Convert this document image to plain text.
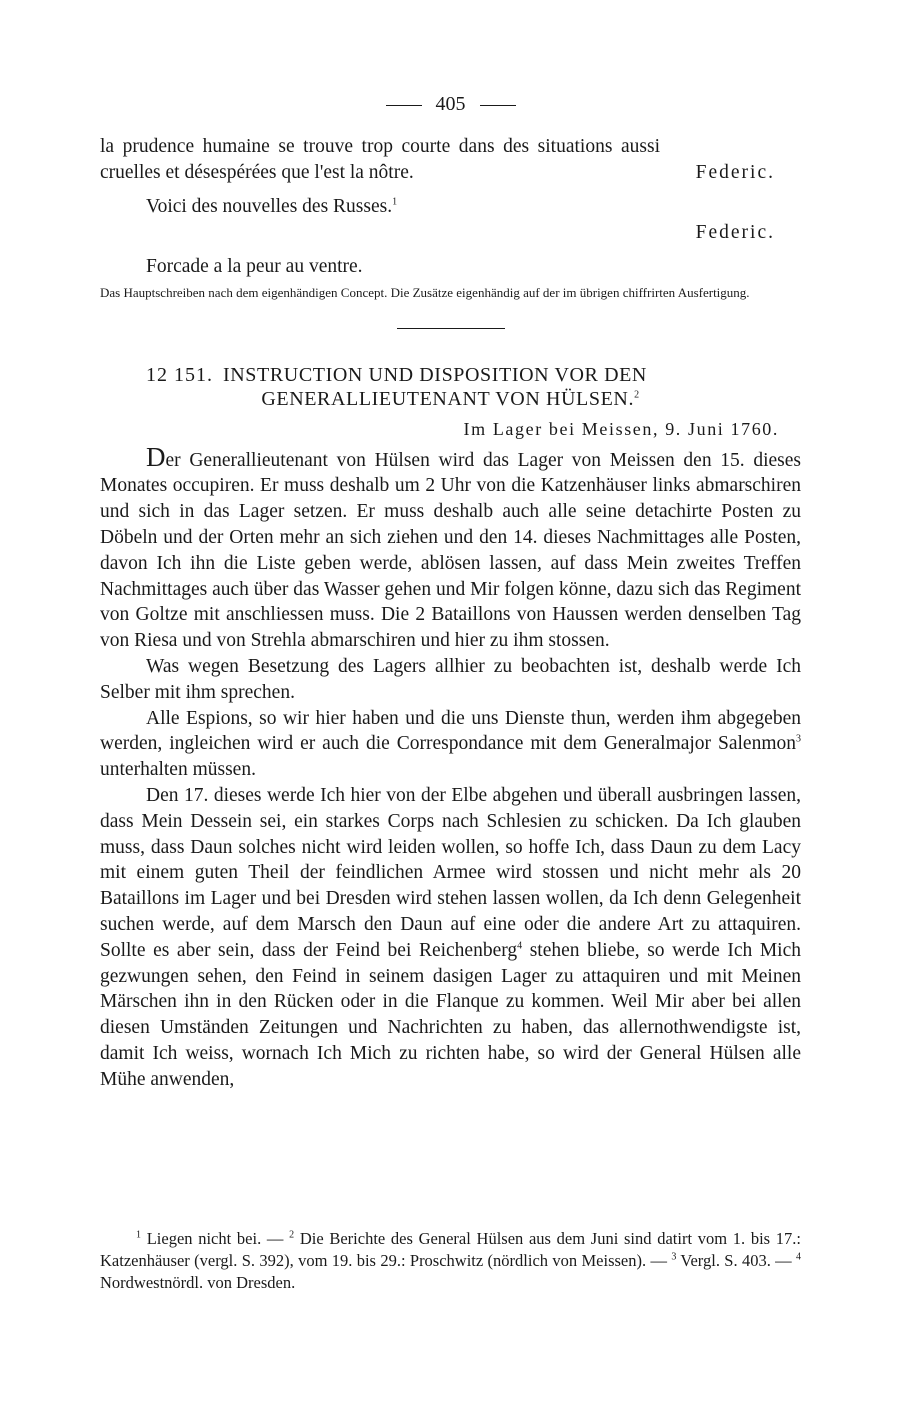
405

la prudence humaine se trouve trop courte dans des situations aussi cruelles et désespérées que l'est la nôtre.	Federic.

Voici des nouvelles des Russes.$^1$

Federic.

Forcade a la peur au ventre.

Das Hauptschreiben nach dem eigenhändigen Concept. Die Zusätze eigenhändig auf der im übrigen chiffrirten Ausfertigung.

12 151. INSTRUCTION UND DISPOSITION VOR DEN
GENERALLIEUTENANT VON HÜLSEN.$^2$
Im Lager bei Meissen, 9. Juni 1760.

Der Generallieutenant von Hülsen wird das Lager von Meissen den 15. dieses Monates occupiren. Er muss deshalb um 2 Uhr von die Katzenhäuser links abmarschiren und sich in das Lager setzen. Er muss deshalb auch alle seine detachirte Posten zu Döbeln und der Orten mehr an sich ziehen und den 14. dieses Nachmittages alle Posten, davon Ich ihn die Liste geben werde, ablösen lassen, auf dass Mein zweites Treffen Nachmittages auch über das Wasser gehen und Mir folgen könne, dazu sich das Regiment von Goltze mit anschliessen muss. Die 2 Bataillons von Haussen werden denselben Tag von Riesa und von Strehla abmarschiren und hier zu ihm stossen.

Was wegen Besetzung des Lagers allhier zu beobachten ist, deshalb werde Ich Selber mit ihm sprechen.

Alle Espions, so wir hier haben und die uns Dienste thun, werden ihm abgegeben werden, ingleichen wird er auch die Correspondance mit dem Generalmajor Salenmon$^3$ unterhalten müssen.

Den 17. dieses werde Ich hier von der Elbe abgehen und überall ausbringen lassen, dass Mein Dessein sei, ein starkes Corps nach Schlesien zu schicken. Da Ich glauben muss, dass Daun solches nicht wird leiden wollen, so hoffe Ich, dass Daun zu dem Lacy mit einem guten Theil der feindlichen Armee wird stossen und nicht mehr als 20 Bataillons im Lager und bei Dresden wird stehen lassen wollen, da Ich denn Gelegenheit suchen werde, auf dem Marsch den Daun auf eine oder die andere Art zu attaquiren. Sollte es aber sein, dass der Feind bei Reichenberg$^4$ stehen bliebe, so werde Ich Mich gezwungen sehen, den Feind in seinem dasigen Lager zu attaquiren und mit Meinen Märschen ihn in den Rücken oder in die Flanque zu kommen. Weil Mir aber bei allen diesen Umständen Zeitungen und Nachrichten zu haben, das allernothwendigste ist, damit Ich weiss, wornach Ich Mich zu richten habe, so wird der General Hülsen alle Mühe anwenden,

$^1$ Liegen nicht bei. — $^2$ Die Berichte des General Hülsen aus dem Juni sind datirt vom 1. bis 17.: Katzenhäuser (vergl. S. 392), vom 19. bis 29.: Proschwitz (nördlich von Meissen). — $^3$ Vergl. S. 403. — $^4$ Nordwestnördl. von Dresden.
